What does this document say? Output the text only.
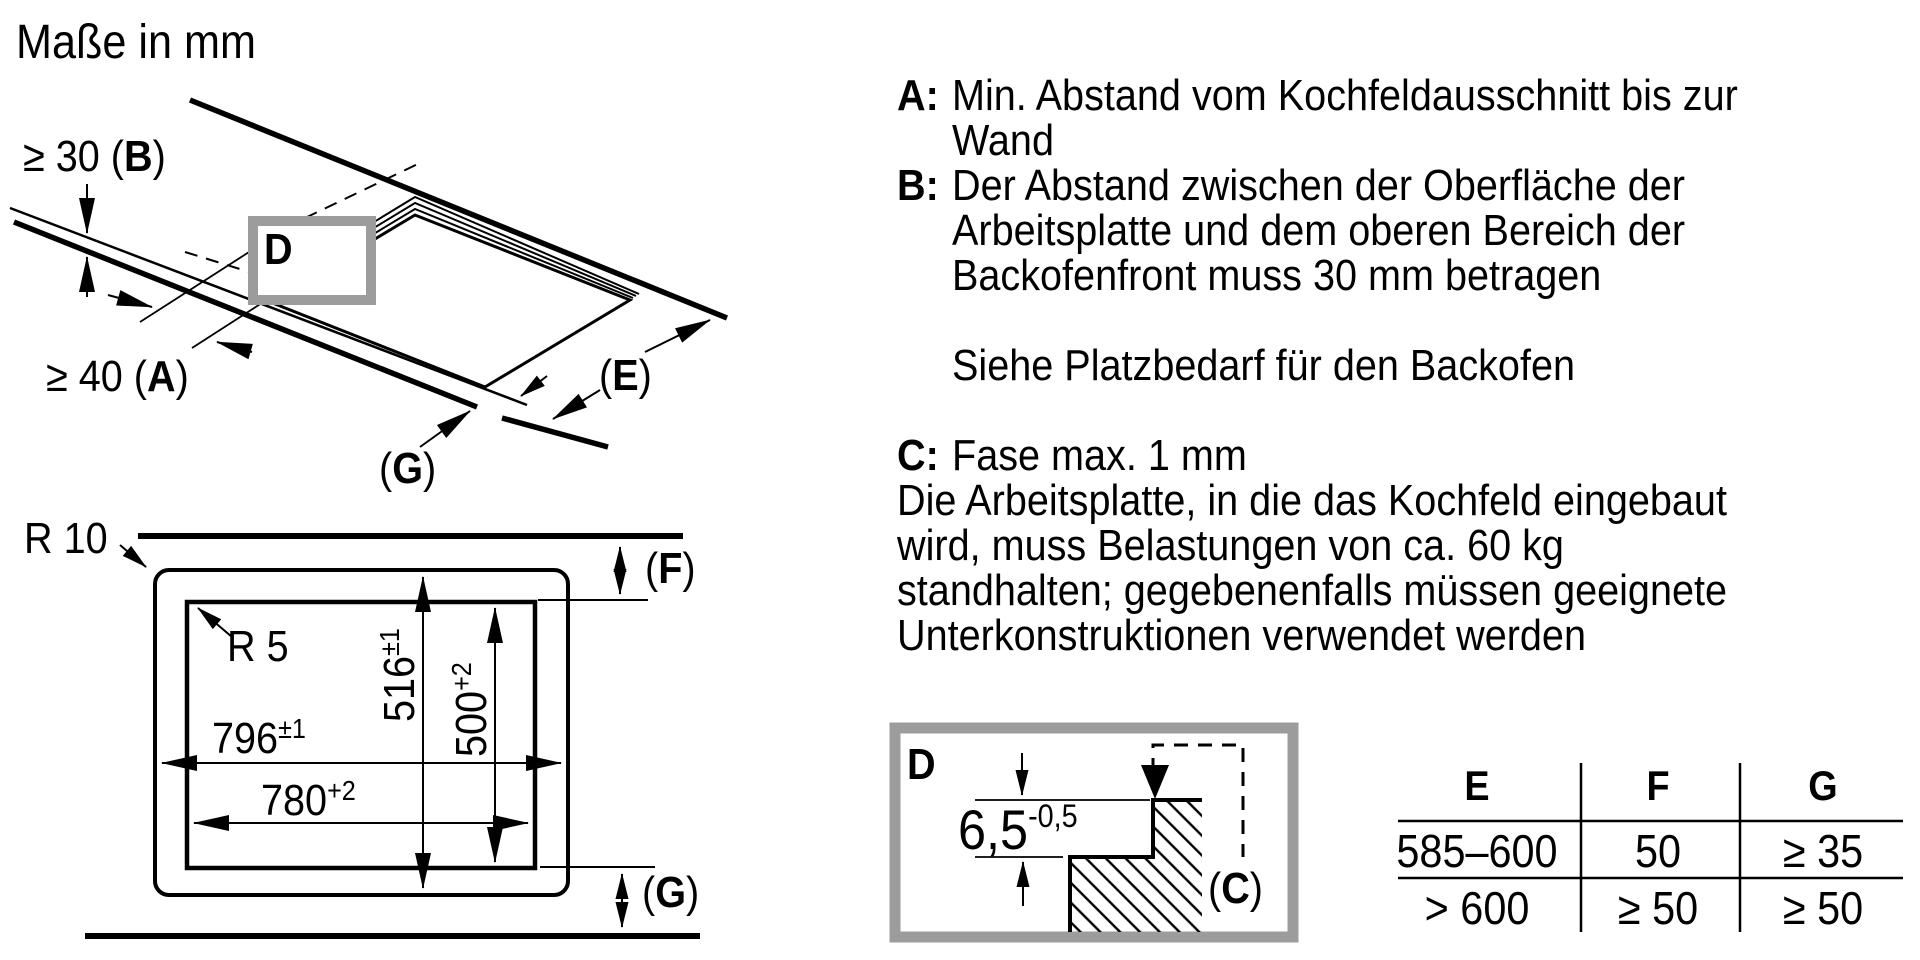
Maße in mm
≥ 30 (B)
≥ 40 (A)	(E)
(G)
D
R 10
R 5
$516^{\pm 1}$
$500^{+2}$
$796^{\pm 1}$
$780^{+2}$
(F)
(G)
A: Min. Abstand vom Kochfeldausschnitt bis zur
Wand
B: Der Abstand zwischen der Oberfläche der
Arbeitsplatte und dem oberen Bereich der
Backofenfront muss 30 mm betragen
Siehe Platzbedarf für den Backofen
C: Fase max. 1 mm
Die Arbeitsplatte, in die das Kochfeld eingebaut
wird, muss Belastungen von ca. 60 kg
standhalten; gegebenenfalls müssen geeignete
Unterkonstruktionen verwendet werden
D
$6,5^{-0,5}$
(C)
E	F	G
585–600	50	≥ 35
> 600	≥ 50	≥ 50
